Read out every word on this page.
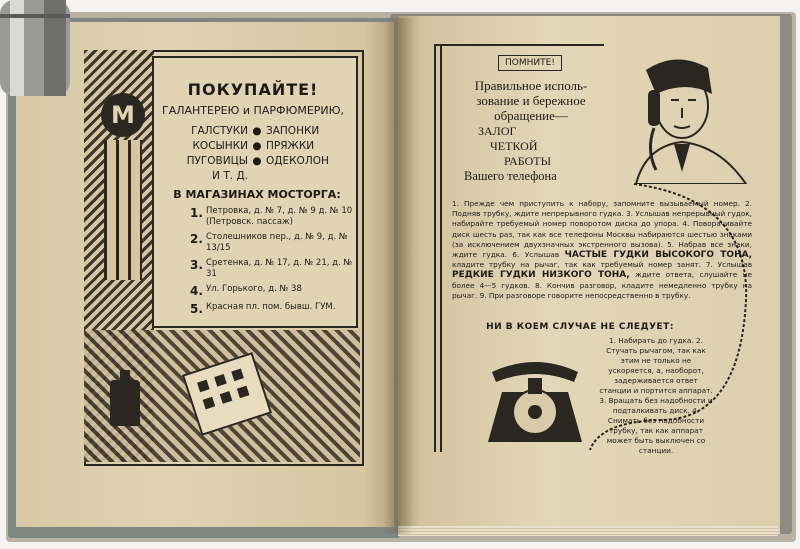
М
ПОКУПАЙТЕ!
ГАЛАНТЕРЕЮ и ПАРФЮМЕРИЮ,
ГАЛСТУКИ ● ЗАПОНКИ
КОСЫНКИ ● ПРЯЖКИ
ПУГОВИЦЫ ● ОДЕКОЛОН
И Т. Д.
В МАГАЗИНАХ МОСТОРГА:
1. Петровка, д. № 7, д. № 9 д. № 10 (Петровск. пассаж)
2. Столешников пер., д. № 9, д. № 13/15
3. Сретенка, д. № 17, д. № 21, д. № 31
4. Ул. Горького, д. № 38
5. Красная пл. пом. бывш. ГУМ.
ПОМНИТЕ!
Правильное исполь- зование и бережное обращение—
ЗАЛОГ
ЧЕТКОЙ
РАБОТЫ
Вашего телефона
1. Прежде чем приступить к набору, запомните вызываемый номер. 2. Подняв трубку, ждите непрерывного гудка. 3. Услышав непрерывный гудок, набирайте требуемый номер поворотом диска до упора. 4. Поворачивайте диск шесть раз, так как все телефоны Москвы набираются шестью знаками (за исключением двухзначных экстренного вызова). 5. Набрав все знаки, ждите гудка. 6. Услышав ЧАСТЫЕ ГУДКИ ВЫСОКОГО ТОНА, кладите трубку на рычаг, так как требуемый номер занят. 7. Услышав РЕДКИЕ ГУДКИ НИЗКОГО ТОНА, ждите ответа, слушайте не более 4—5 гудков. 8. Кончив разговор, кладите немедленно трубку на рычаг. 9. При разговоре говорите непосредственно в трубку.
НИ В КОЕМ СЛУЧАЕ НЕ СЛЕДУЕТ:
1. Набирать до гудка. 2. Стучать рычагом, так как этим не только не ускоряется, а, наоборот, задерживается ответ станции и портится аппарат. 3. Вращать без надобности и подталкивать диск. 4. Снимать без надобности трубку, так как аппарат может быть выключен со станции.
